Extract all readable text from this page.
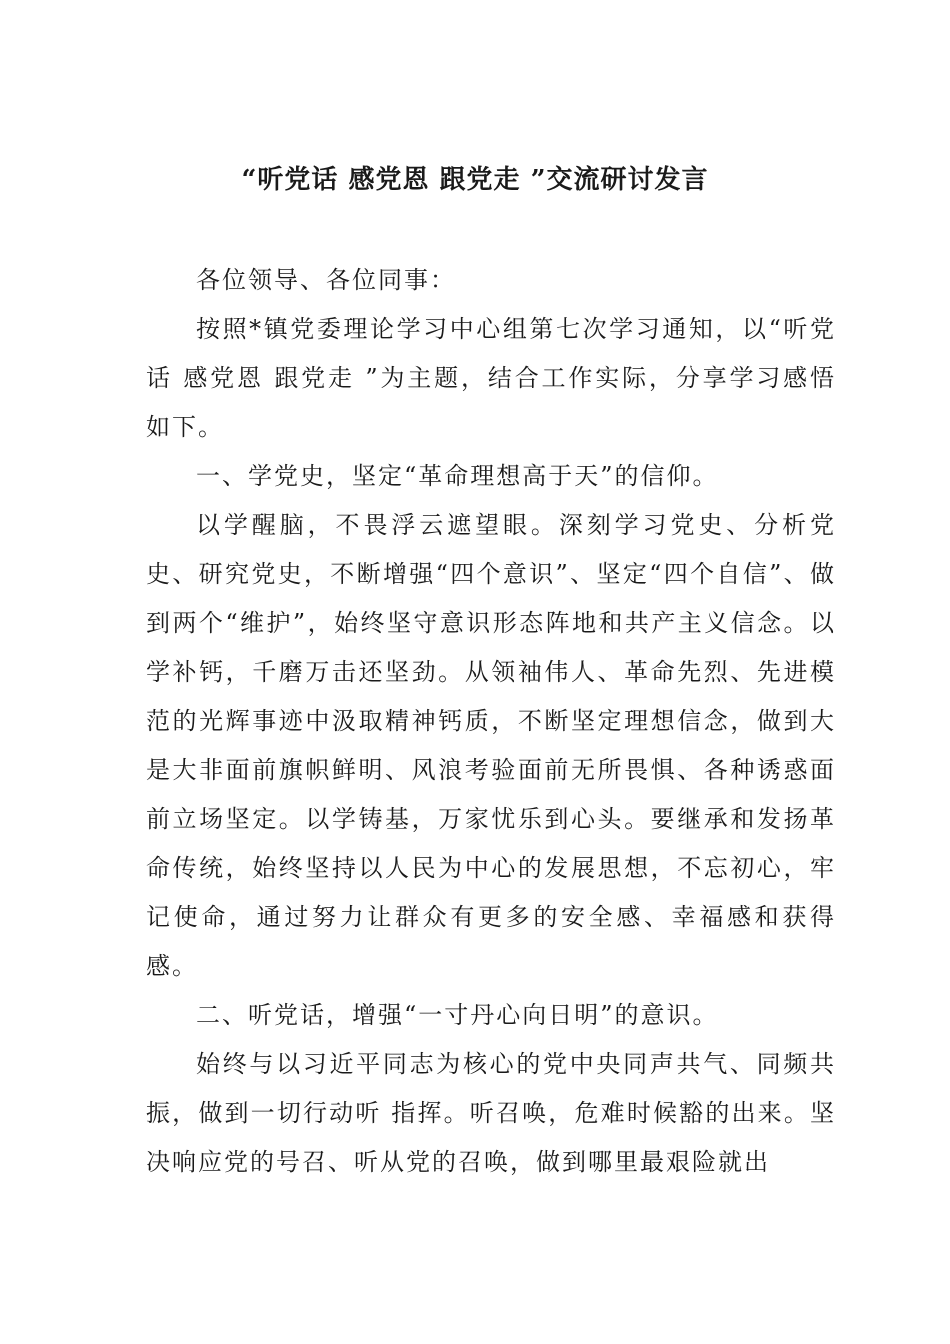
“听党话 感党恩 跟党走 ”交流研讨发言

各位领导、各位同事：

按照*镇党委理论学习中心组第七次学习通知，以“听党话 感党恩 跟党走 ”为主题，结合工作实际，分享学习感悟如下。

一、学党史，坚定“革命理想高于天”的信仰。

以学醒脑，不畏浮云遮望眼。深刻学习党史、分析党史、研究党史，不断增强“四个意识”、坚定“四个自信”、做到两个“维护”，始终坚守意识形态阵地和共产主义信念。以学补钙，千磨万击还坚劲。从领袖伟人、革命先烈、先进模范的光辉事迹中汲取精神钙质，不断坚定理想信念，做到大是大非面前旗帜鲜明、风浪考验面前无所畏惧、各种诱惑面前立场坚定。以学铸基，万家忧乐到心头。要继承和发扬革命传统，始终坚持以人民为中心的发展思想，不忘初心，牢记使命，通过努力让群众有更多的安全感、幸福感和获得感。

二、听党话，增强“一寸丹心向日明”的意识。

始终与以习近平同志为核心的党中央同声共气、同频共振，做到一切行动听 指挥。听召唤，危难时候豁的出来。坚决响应党的号召、听从党的召唤，做到哪里最艰险就出
